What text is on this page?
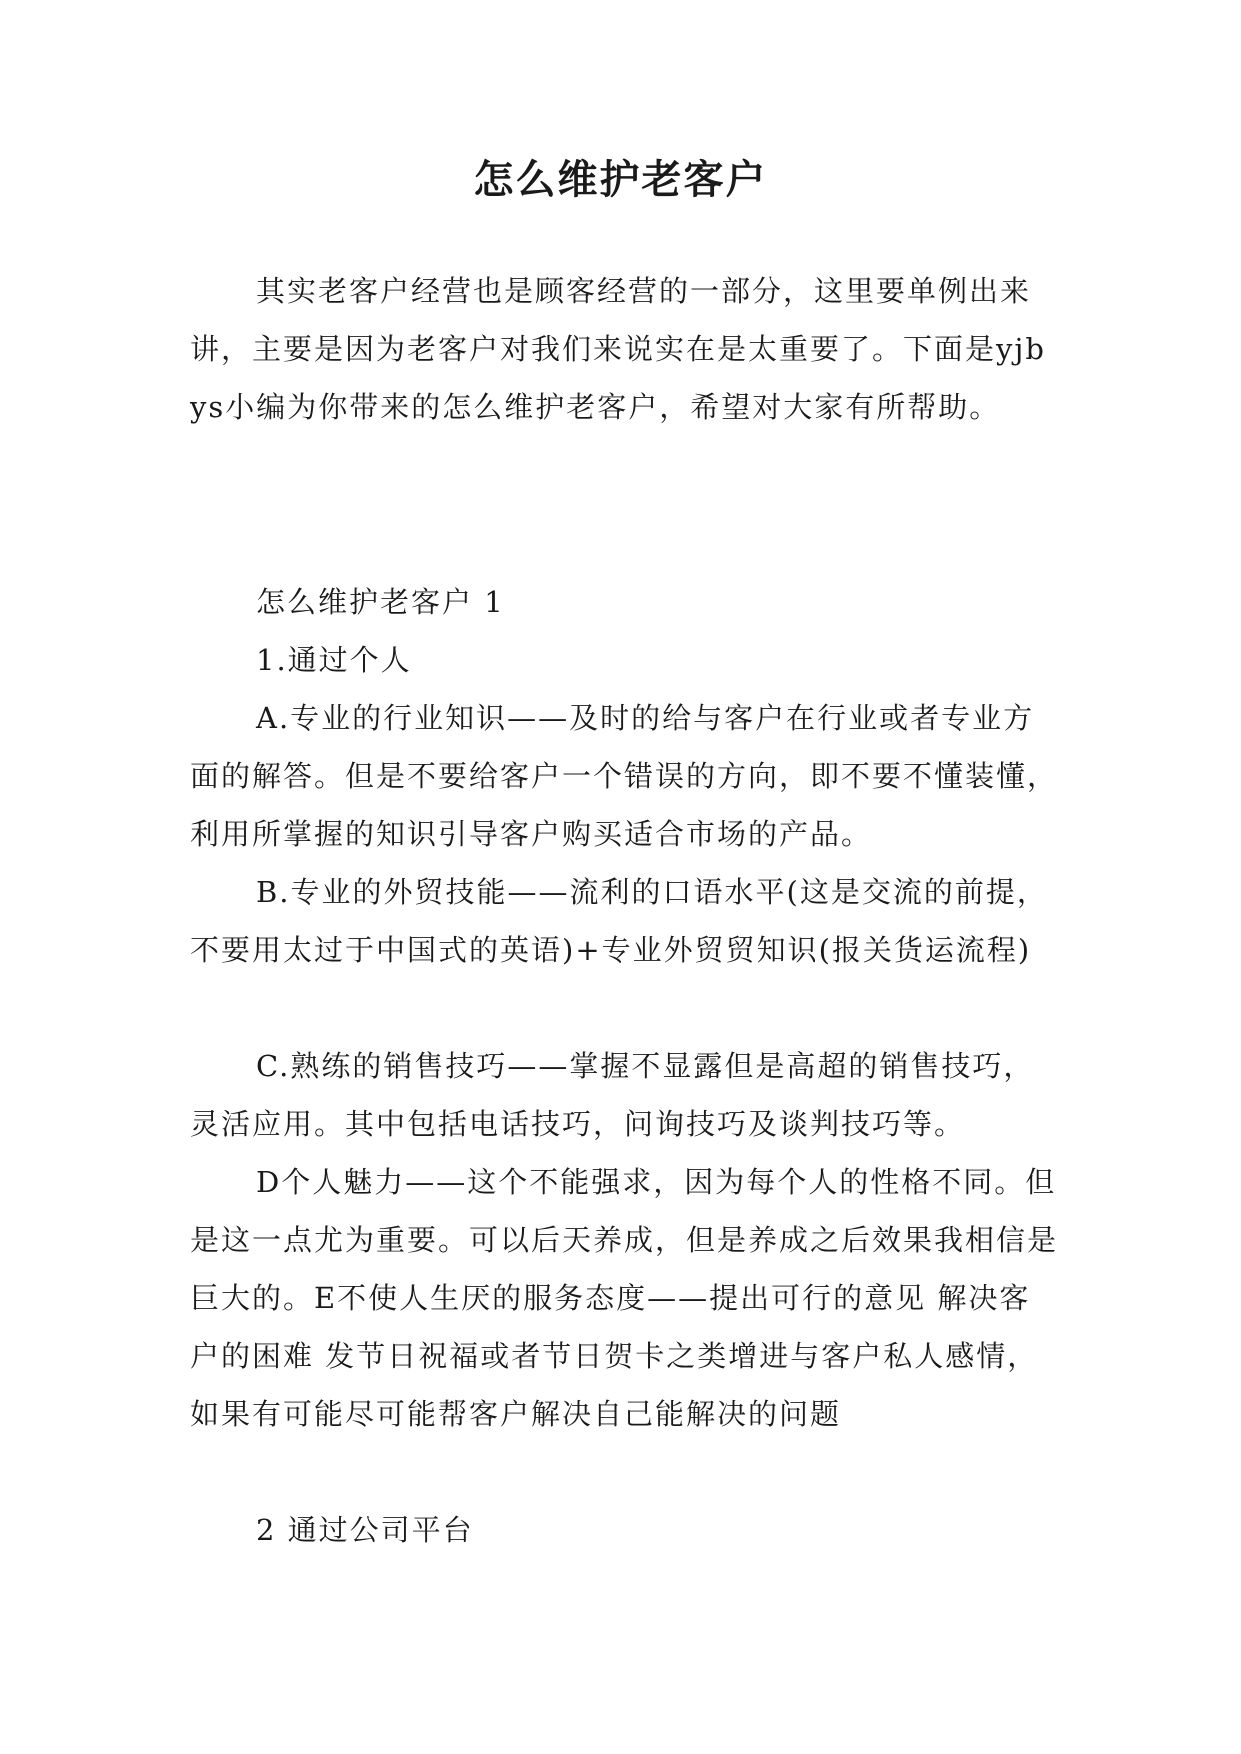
怎么维护老客户

其实老客户经营也是顾客经营的一部分，这里要单例出来讲，主要是因为老客户对我们来说实在是太重要了。下面是yjbys小编为你带来的怎么维护老客户，希望对大家有所帮助。

怎么维护老客户 1

1.通过个人

A.专业的行业知识——及时的给与客户在行业或者专业方面的解答。但是不要给客户一个错误的方向，即不要不懂装懂，利用所掌握的知识引导客户购买适合市场的产品。

B.专业的外贸技能——流利的口语水平(这是交流的前提，不要用太过于中国式的英语)+专业外贸贸知识(报关货运流程)

C.熟练的销售技巧——掌握不显露但是高超的销售技巧，灵活应用。其中包括电话技巧，问询技巧及谈判技巧等。

D个人魅力——这个不能强求，因为每个人的性格不同。但是这一点尤为重要。可以后天养成，但是养成之后效果我相信是巨大的。E不使人生厌的服务态度——提出可行的意见 解决客户的困难 发节日祝福或者节日贺卡之类增进与客户私人感情，如果有可能尽可能帮客户解决自己能解决的问题

2 通过公司平台
